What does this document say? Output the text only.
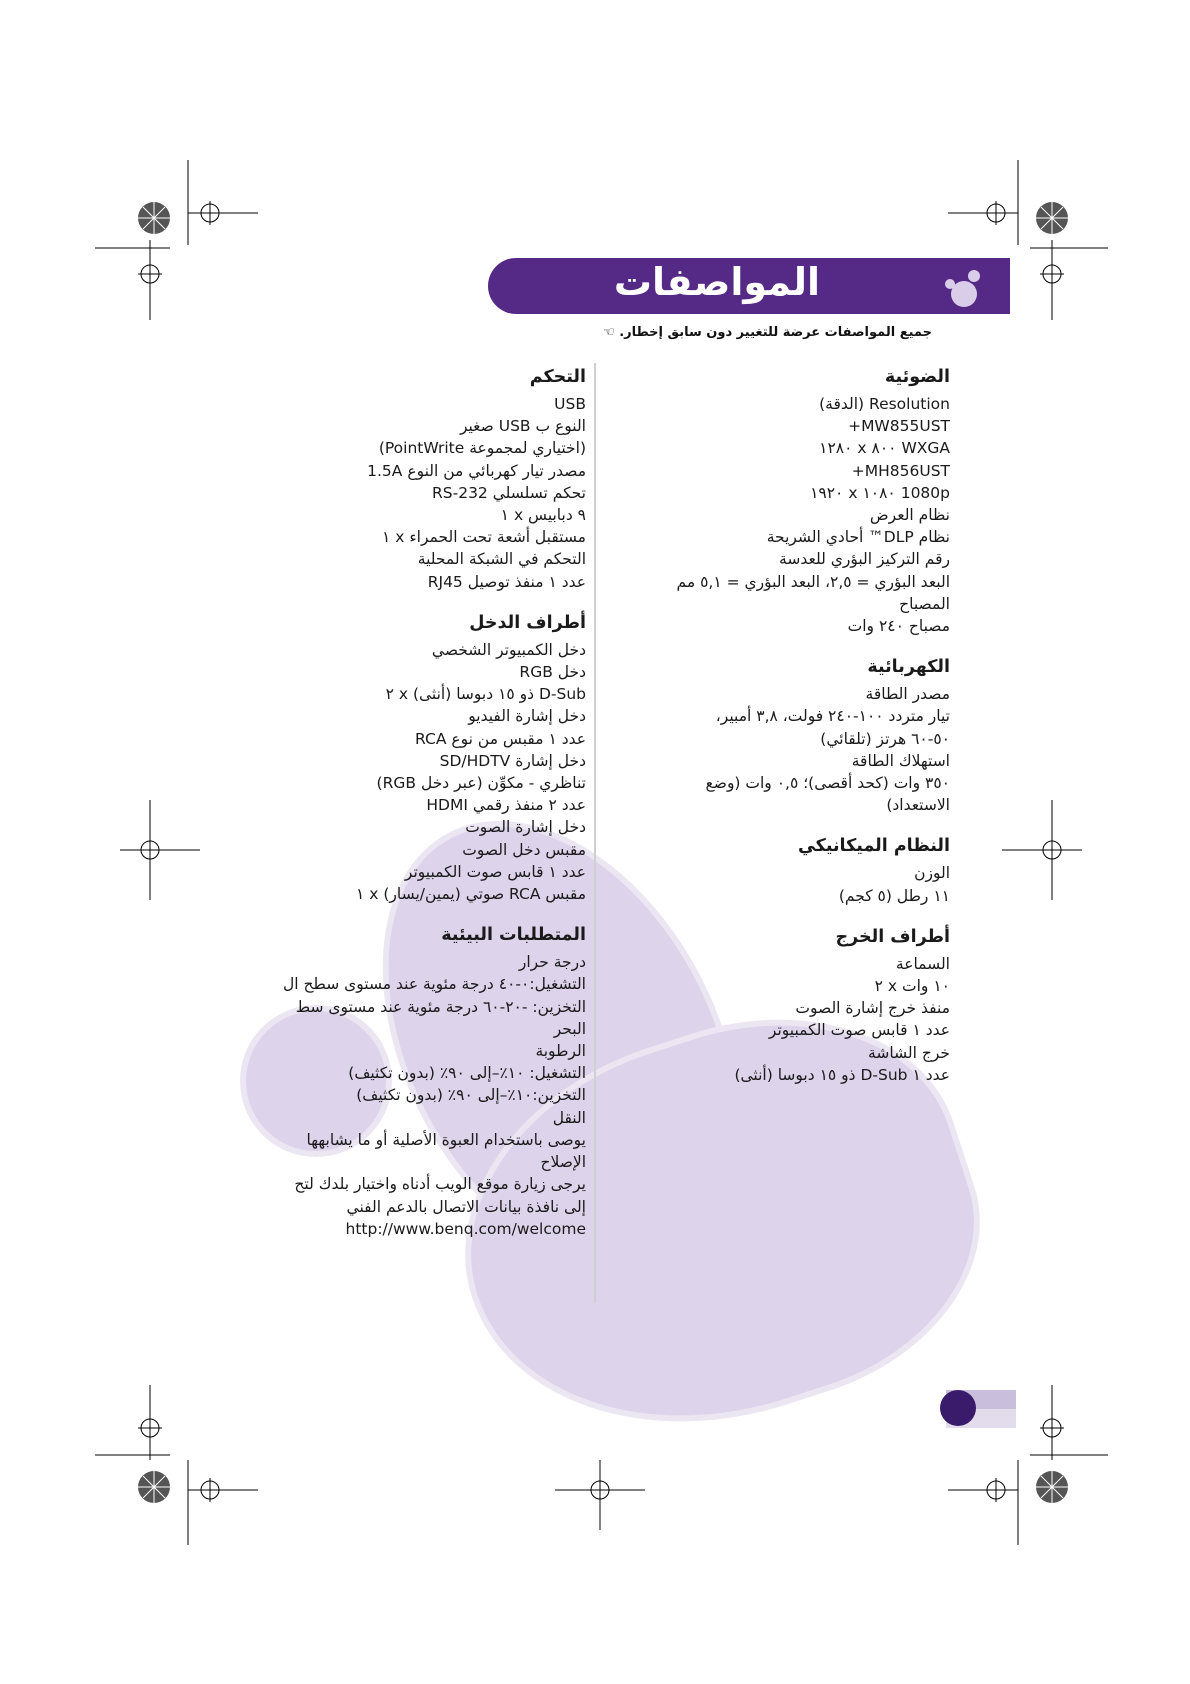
المواصفات
جميع المواصفات عرضة للتغيير دون سابق إخطار. ☜
الضوئية
Resolution (الدقة)
MW855UST+
WXGA ٨٠٠ x ١٢٨٠
MH856UST+
1080p ١٠٨٠ x ١٩٢٠
نظام العرض
نظام DLP™ أحادي الشريحة
رقم التركيز البؤري للعدسة
البعد البؤري = ٢,٥، البعد البؤري = ٥,١ مم
المصباح
مصباح ٢٤٠ وات
الكهربائية
مصدر الطاقة
تيار متردد ١٠٠-٢٤٠ فولت، ٣,٨ أمبير،
٥٠-٦٠ هرتز (تلقائي)
استهلاك الطاقة
٣٥٠ وات (كحد أقصى)؛ ٠,٥ وات (وضع
الاستعداد)
النظام الميكانيكي
الوزن
١١ رطل (٥ كجم)
أطراف الخرج
السماعة
١٠ وات x ٢
منفذ خرج إشارة الصوت
عدد ١ قابس صوت الكمبيوتر
خرج الشاشة
عدد ١ D-Sub ذو ١٥ دبوسا (أنثى)
التحكم
USB
النوع ب USB صغير
(اختياري لمجموعة PointWrite)
مصدر تيار كهربائي من النوع 1.5A
تحكم تسلسلي RS-232
٩ دبابيس x ١
مستقبل أشعة تحت الحمراء x ١
التحكم في الشبكة المحلية
عدد ١ منفذ توصيل RJ45
أطراف الدخل
دخل الكمبيوتر الشخصي
دخل RGB
D-Sub ذو ١٥ دبوسا (أنثى) x ٢
دخل إشارة الفيديو
عدد ١ مقبس من نوع RCA
دخل إشارة SD/HDTV
تناظري - مكوِّن (عبر دخل RGB)
عدد ٢ منفذ رقمي HDMI
دخل إشارة الصوت
مقبس دخل الصوت
عدد ١ قابس صوت الكمبيوتر
مقبس RCA صوتي (يمين/يسار) x ١
المتطلبات البيئية
درجة حرار
التشغيل:٠-٤٠ درجة مئوية عند مستوى سطح ال
التخزين: -٢٠-٦٠ درجة مئوية عند مستوى سط
البحر
الرطوبة
التشغيل: ١٠٪–إلى ٩٠٪ (بدون تكثيف)
التخزين:١٠٪–إلى ٩٠٪ (بدون تكثيف)
النقل
يوصى باستخدام العبوة الأصلية أو ما يشابهها
الإصلاح
يرجى زيارة موقع الويب أدناه واختيار بلدك لتح
إلى نافذة بيانات الاتصال بالدعم الفني
http://www.benq.com/welcome
